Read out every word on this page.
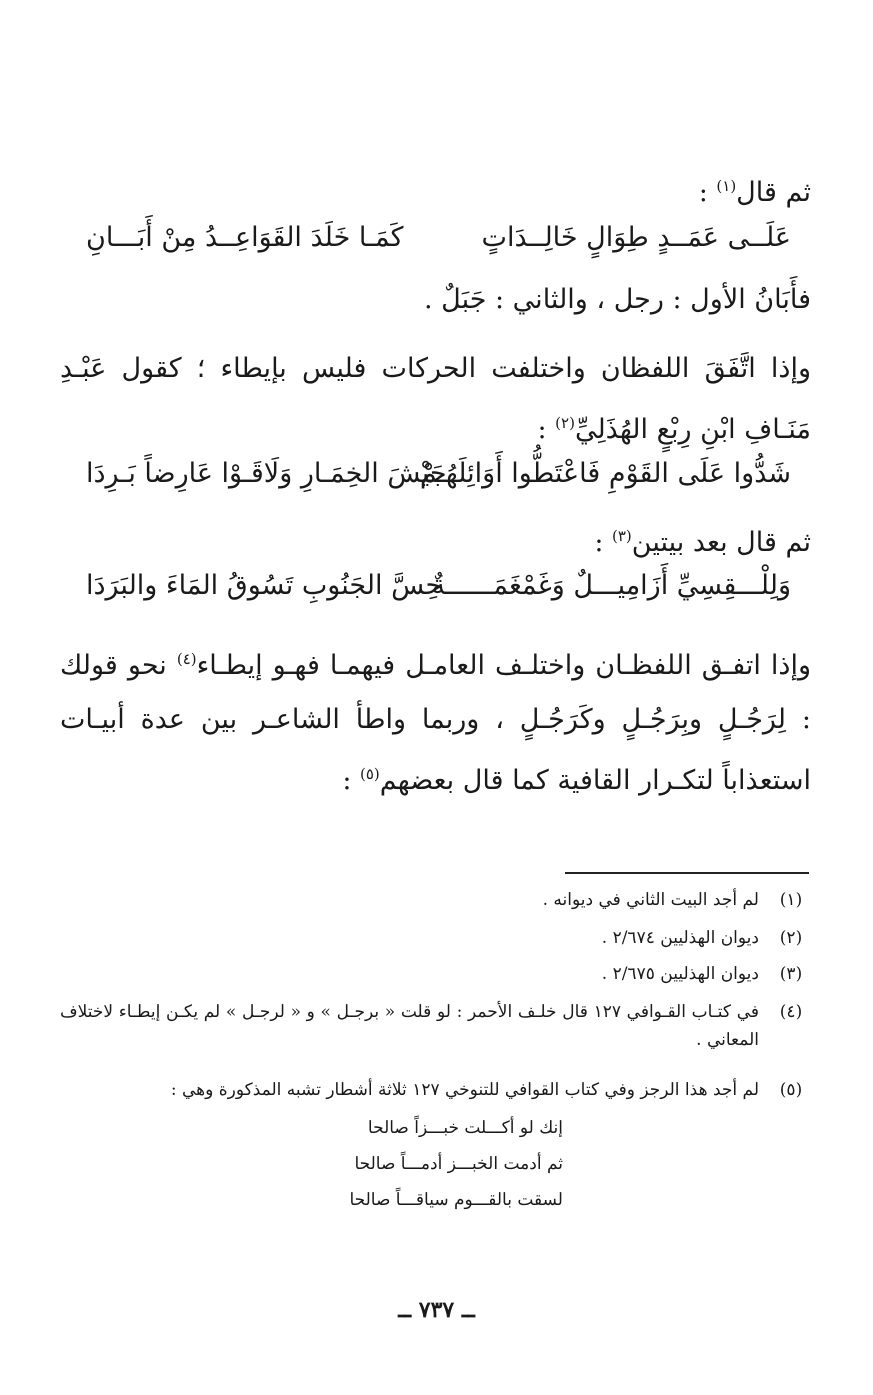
ثم قال$^{(١)}$ :
عَلَــى عَمَــدٍ طِوَالٍ خَالِــدَاتٍ
كَمَـا خَلَدَ القَوَاعِــدُ مِنْ أَبَـــانِ
فأَبَانُ الأول : رجل ، والثاني : جَبَلٌ .
وإذا اتَّفَقَ اللفظان واختلفت الحركات فليس بإيطاء ؛ كقول عَبْـدِ مَنَـافِ ابْنِ رِبْعٍ الهُذَلِيِّ$^{(٢)}$ :
شَدُّوا عَلَى القَوْمِ فَاعْتَطُّوا أَوَائِلَهُـمْ
جَيْشَ الخِمَـارِ وَلَاقَـوْا عَارِضاً بَـرِدَا
ثم قال بعد بيتين$^{(٣)}$ :
وَلِلْـــقِسِيِّ أَزَامِيـــلٌ وَغَمْغَمَــــــةٌ
حِسَّ الجَنُوبِ تَسُوقُ المَاءَ والبَرَدَا
وإذا اتفـق اللفظـان واختلـف العامـل فيهمـا فهـو إيطـاء$^{(٤)}$ نحو قولك : لِرَجُـلٍ وبِرَجُـلٍ وكَرَجُـلٍ ، وربما واطأ الشاعـر بين عدة أبيـات استعذاباً لتكـرار القافية كما قال بعضهم$^{(٥)}$ :
(١)
لم أجد البيت الثاني في ديوانه .
(٢)
ديوان الهذليين ٢/٦٧٤ .
(٣)
ديوان الهذليين ٢/٦٧٥ .
(٤)
في كتـاب القـوافي ١٢٧ قال خلـف الأحمر : لو قلت « برجـل » و « لرجـل » لم يكـن إيطـاء لاختلاف المعاني .
(٥)
لم أجد هذا الرجز وفي كتاب القوافي للتنوخي ١٢٧ ثلاثة أشطار تشبه المذكورة وهي :
إنك لو أكـــلت خبـــزاً صالحا
ثم أدمت الخبـــز أدمـــاً صالحا
لسقت بالقـــوم سياقـــاً صالحا
ــ ٧٣٧ ــ
